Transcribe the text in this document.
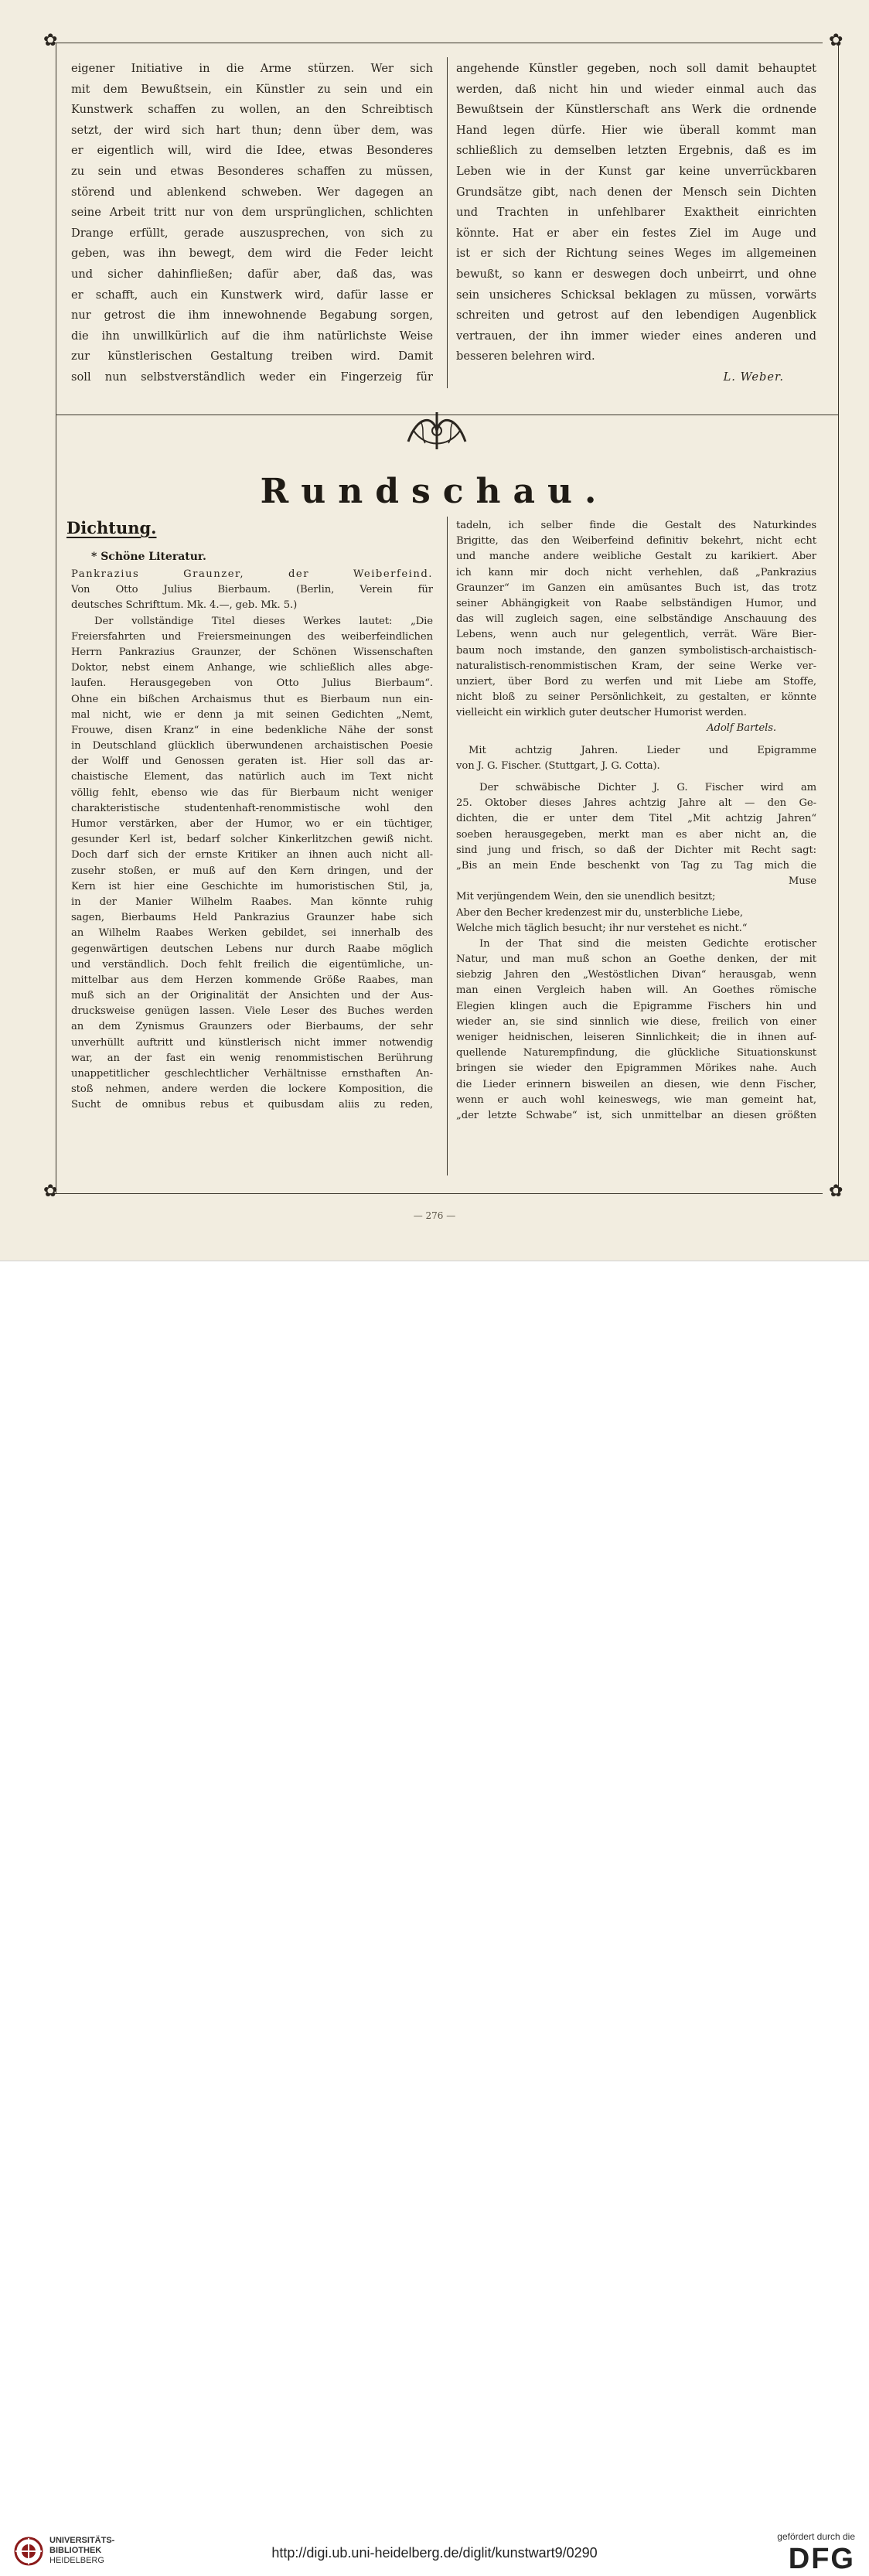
✿	✿
✿	✿

eigener Initiative in die Arme stürzen. Wer sich

mit dem Bewußtsein, ein Künstler zu sein und ein

Kunstwerk schaffen zu wollen, an den Schreibtisch

setzt, der wird sich hart thun; denn über dem, was

er eigentlich will, wird die Idee, etwas Besonderes

zu sein und etwas Besonderes schaffen zu müssen,

störend und ablenkend schweben. Wer dagegen an

seine Arbeit tritt nur von dem ursprünglichen, schlichten

Drange erfüllt, gerade auszusprechen, von sich zu

geben, was ihn bewegt, dem wird die Feder leicht

und sicher dahinfließen; dafür aber, daß das, was

er schafft, auch ein Kunstwerk wird, dafür lasse er

nur getrost die ihm innewohnende Begabung sorgen,

die ihn unwillkürlich auf die ihm natürlichste Weise

zur künstlerischen Gestaltung treiben wird. Damit

soll nun selbstverständlich weder ein Fingerzeig für

angehende Künstler gegeben, noch soll damit behauptet

werden, daß nicht hin und wieder einmal auch das

Bewußtsein der Künstlerschaft ans Werk die ordnende

Hand legen dürfe. Hier wie überall kommt man

schließlich zu demselben letzten Ergebnis, daß es im

Leben wie in der Kunst gar keine unverrückbaren

Grundsätze gibt, nach denen der Mensch sein Dichten

und Trachten in unfehlbarer Exaktheit einrichten

könnte. Hat er aber ein festes Ziel im Auge und

ist er sich der Richtung seines Weges im allgemeinen

bewußt, so kann er deswegen doch unbeirrt, und ohne

sein unsicheres Schicksal beklagen zu müssen, vorwärts

schreiten und getrost auf den lebendigen Augenblick

vertrauen, der ihn immer wieder eines anderen und

besseren belehren wird.

L. Weber.

Rundschau.
Dichtung.
* Schöne Literatur.

Pankrazius Graunzer, der Weiberfeind.

Von Otto Julius Bierbaum. (Berlin, Verein für

deutsches Schrifttum. Mk. 4.—, geb. Mk. 5.)

Der vollständige Titel dieses Werkes lautet: „Die

Freiersfahrten und Freiersmeinungen des weiberfeindlichen

Herrn Pankrazius Graunzer, der Schönen Wissenschaften

Doktor, nebst einem Anhange, wie schließlich alles abge-

laufen. Herausgegeben von Otto Julius Bierbaum“.

Ohne ein bißchen Archaismus thut es Bierbaum nun ein-

mal nicht, wie er denn ja mit seinen Gedichten „Nemt,

Frouwe, disen Kranz“ in eine bedenkliche Nähe der sonst

in Deutschland glücklich überwundenen archaistischen Poesie

der Wolff und Genossen geraten ist. Hier soll das ar-

chaistische Element, das natürlich auch im Text nicht

völlig fehlt, ebenso wie das für Bierbaum nicht weniger

charakteristische studentenhaft-renommistische wohl den

Humor verstärken, aber der Humor, wo er ein tüchtiger,

gesunder Kerl ist, bedarf solcher Kinkerlitzchen gewiß nicht.

Doch darf sich der ernste Kritiker an ihnen auch nicht all-

zusehr stoßen, er muß auf den Kern dringen, und der

Kern ist hier eine Geschichte im humoristischen Stil, ja,

in der Manier Wilhelm Raabes. Man könnte ruhig

sagen, Bierbaums Held Pankrazius Graunzer habe sich

an Wilhelm Raabes Werken gebildet, sei innerhalb des

gegenwärtigen deutschen Lebens nur durch Raabe möglich

und verständlich. Doch fehlt freilich die eigentümliche, un-

mittelbar aus dem Herzen kommende Größe Raabes, man

muß sich an der Originalität der Ansichten und der Aus-

drucksweise genügen lassen. Viele Leser des Buches werden

an dem Zynismus Graunzers oder Bierbaums, der sehr

unverhüllt auftritt und künstlerisch nicht immer notwendig

war, an der fast ein wenig renommistischen Berührung

unappetitlicher geschlechtlicher Verhältnisse ernsthaften An-

stoß nehmen, andere werden die lockere Komposition, die

Sucht de omnibus rebus et quibusdam aliis zu reden,

tadeln, ich selber finde die Gestalt des Naturkindes

Brigitte, das den Weiberfeind definitiv bekehrt, nicht echt

und manche andere weibliche Gestalt zu karikiert. Aber

ich kann mir doch nicht verhehlen, daß „Pankrazius

Graunzer“ im Ganzen ein amüsantes Buch ist, das trotz

seiner Abhängigkeit von Raabe selbständigen Humor, und

das will zugleich sagen, eine selbständige Anschauung des

Lebens, wenn auch nur gelegentlich, verrät. Wäre Bier-

baum noch imstande, den ganzen symbolistisch-archaistisch-

naturalistisch-renommistischen Kram, der seine Werke ver-

unziert, über Bord zu werfen und mit Liebe am Stoffe,

nicht bloß zu seiner Persönlichkeit, zu gestalten, er könnte

vielleicht ein wirklich guter deutscher Humorist werden.

Adolf Bartels.

Mit achtzig Jahren. Lieder und Epigramme

von J. G. Fischer. (Stuttgart, J. G. Cotta).

Der schwäbische Dichter J. G. Fischer wird am

25. Oktober dieses Jahres achtzig Jahre alt — den Ge-

dichten, die er unter dem Titel „Mit achtzig Jahren“

soeben herausgegeben, merkt man es aber nicht an, die

sind jung und frisch, so daß der Dichter mit Recht sagt:

„Bis an mein Ende beschenkt von Tag zu Tag mich die

Muse

Mit verjüngendem Wein, den sie unendlich besitzt;

Aber den Becher kredenzest mir du, unsterbliche Liebe,

Welche mich täglich besucht; ihr nur verstehet es nicht.“

In der That sind die meisten Gedichte erotischer

Natur, und man muß schon an Goethe denken, der mit

siebzig Jahren den „Westöstlichen Divan“ herausgab, wenn

man einen Vergleich haben will. An Goethes römische

Elegien klingen auch die Epigramme Fischers hin und

wieder an, sie sind sinnlich wie diese, freilich von einer

weniger heidnischen, leiseren Sinnlichkeit; die in ihnen auf-

quellende Naturempfindung, die glückliche Situationskunst

bringen sie wieder den Epigrammen Mörikes nahe. Auch

die Lieder erinnern bisweilen an diesen, wie denn Fischer,

wenn er auch wohl keineswegs, wie man gemeint hat,

„der letzte Schwabe“ ist, sich unmittelbar an diesen größten

— 276 —
UNIVERSITÄTS-
BIBLIOTHEK
HEIDELBERG	http://digi.ub.uni-heidelberg.de/diglit/kunstwart9/0290
gefördert durch die
DFG
